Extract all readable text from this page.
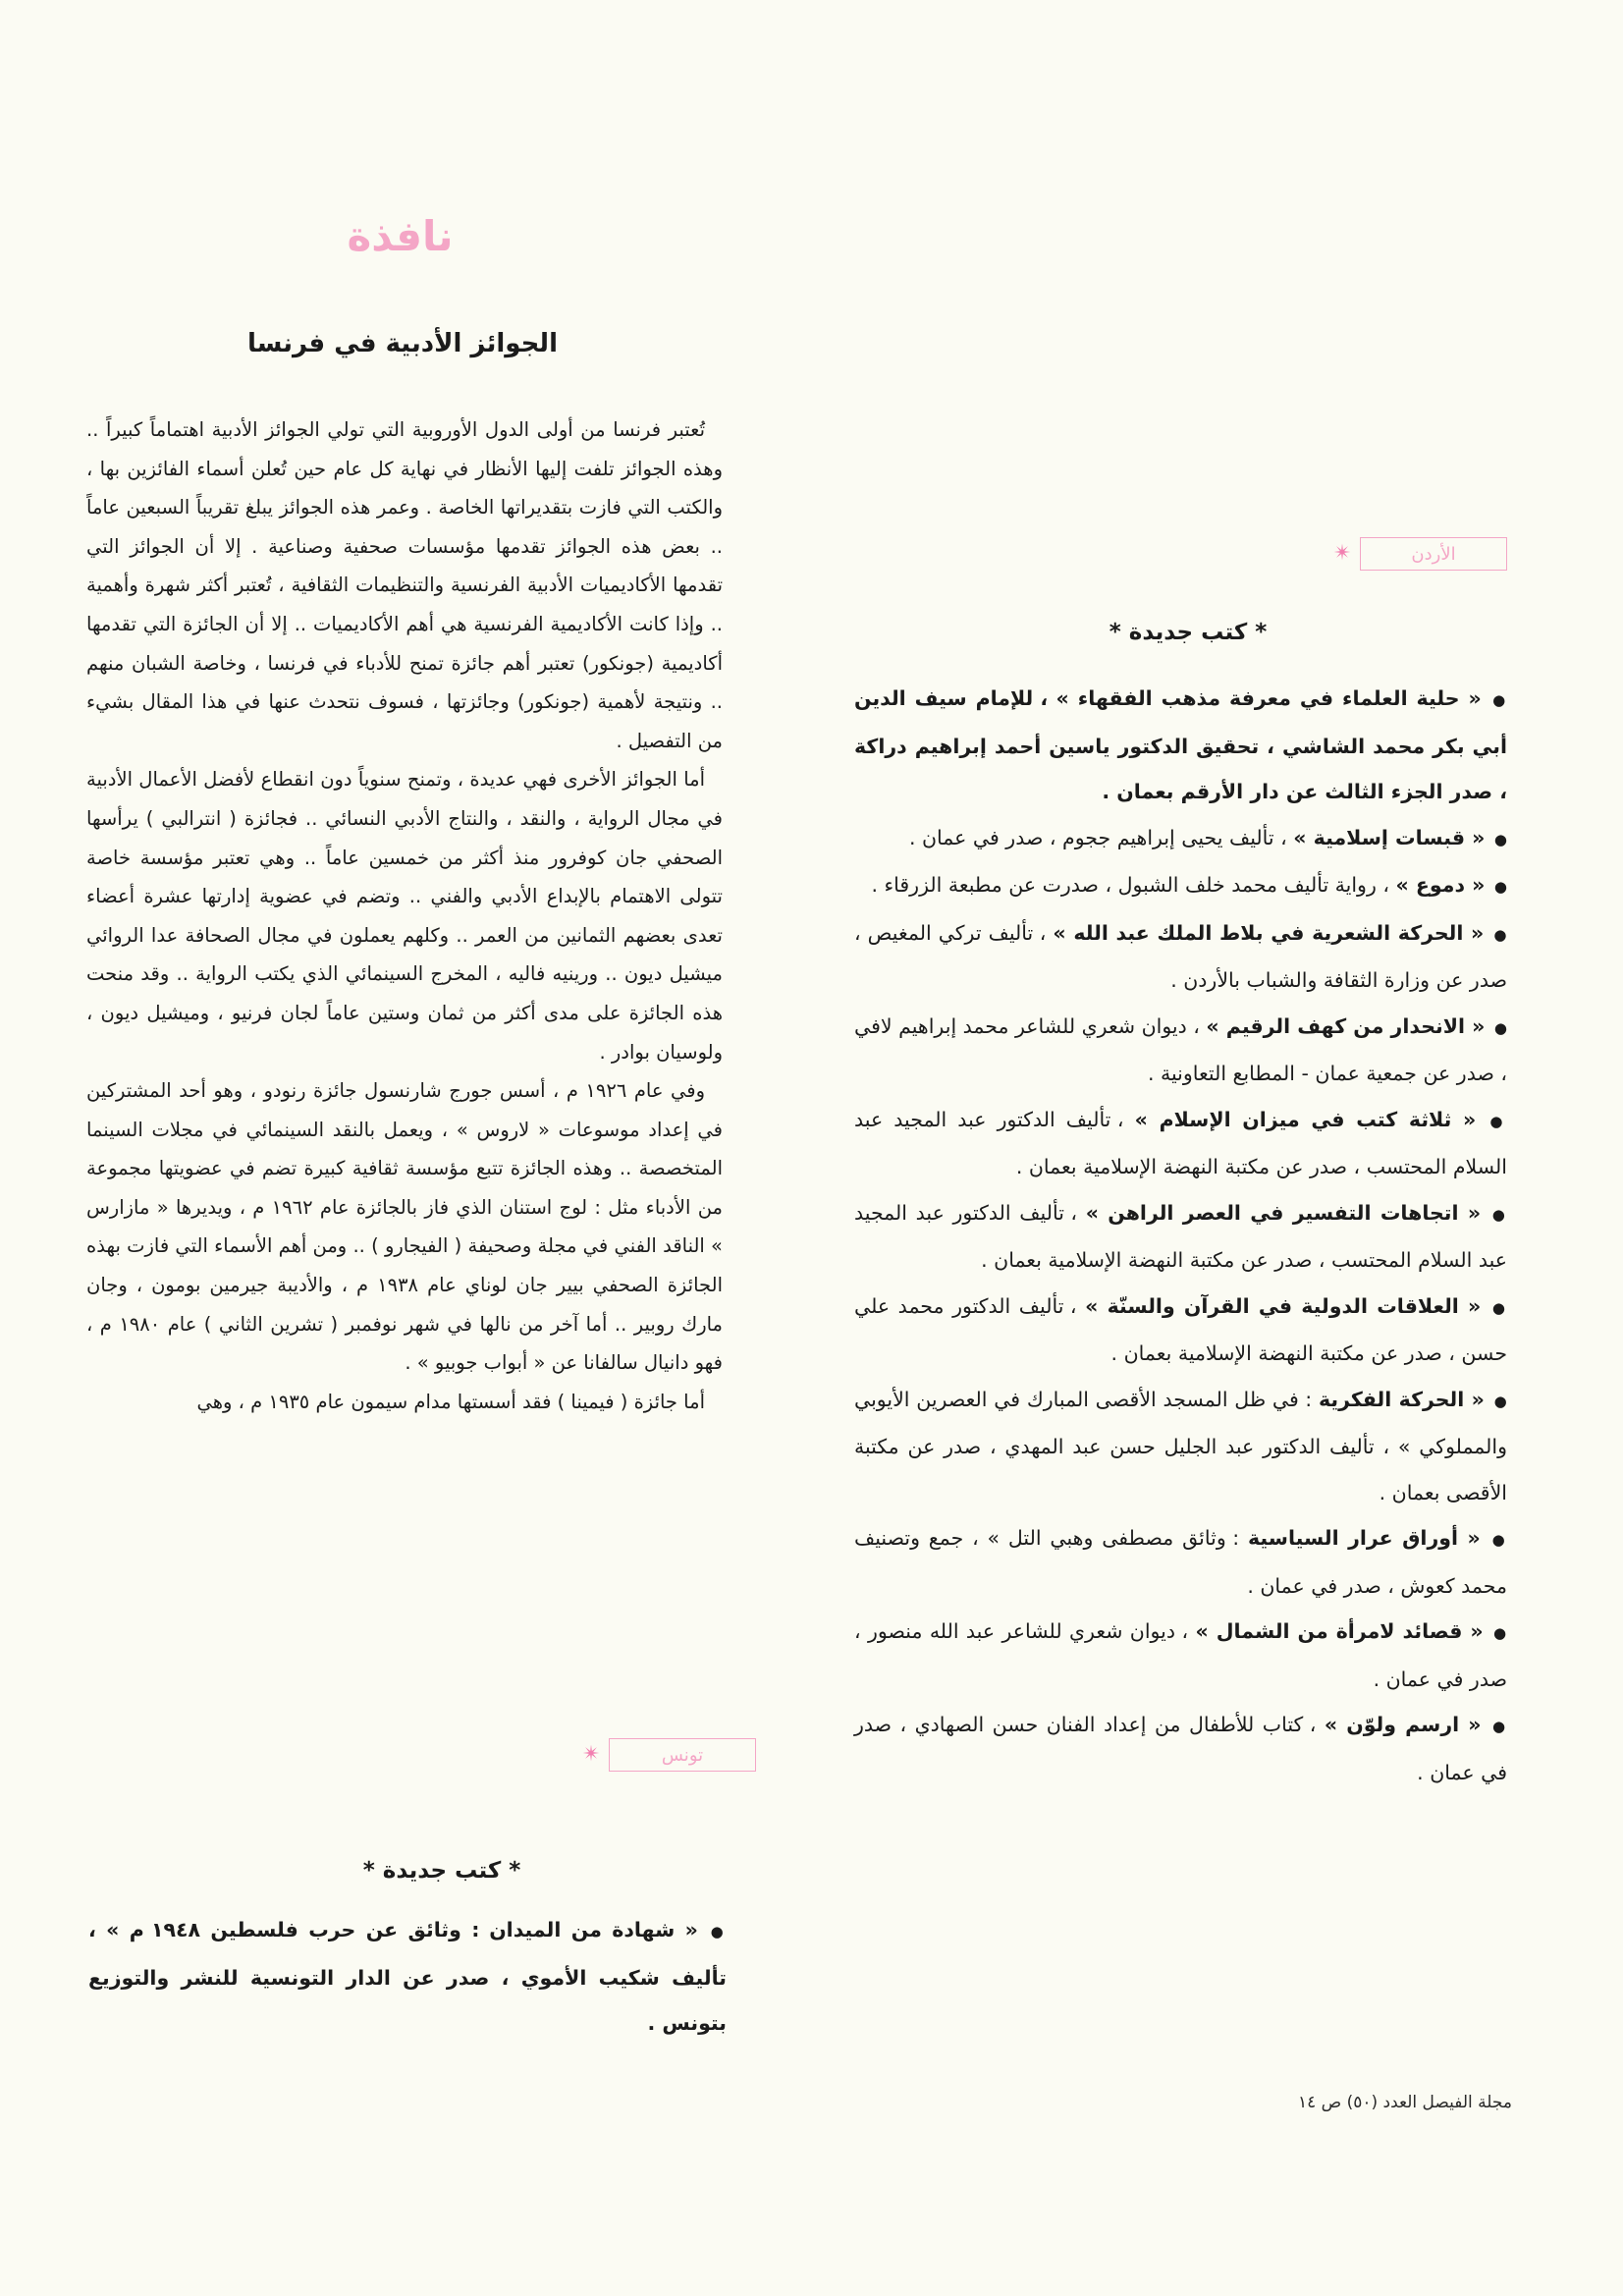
نافذة
الجوائز الأدبية في فرنسا

تُعتبر فرنسا من أولى الدول الأوروبية التي تولي الجوائز الأدبية اهتماماً كبيراً .. وهذه الجوائز تلفت إليها الأنظار في نهاية كل عام حين تُعلن أسماء الفائزين بها ، والكتب التي فازت بتقديراتها الخاصة . وعمر هذه الجوائز يبلغ تقريباً السبعين عاماً .. بعض هذه الجوائز تقدمها مؤسسات صحفية وصناعية . إلا أن الجوائز التي تقدمها الأكاديميات الأدبية الفرنسية والتنظيمات الثقافية ، تُعتبر أكثر شهرة وأهمية .. وإذا كانت الأكاديمية الفرنسية هي أهم الأكاديميات .. إلا أن الجائزة التي تقدمها أكاديمية (جونكور) تعتبر أهم جائزة تمنح للأدباء في فرنسا ، وخاصة الشبان منهم .. ونتيجة لأهمية (جونكور) وجائزتها ، فسوف نتحدث عنها في هذا المقال بشيء من التفصيل .

أما الجوائز الأخرى فهي عديدة ، وتمنح سنوياً دون انقطاع لأفضل الأعمال الأدبية في مجال الرواية ، والنقد ، والنتاج الأدبي النسائي .. فجائزة ( انترالبي ) يرأسها الصحفي جان كوفرور منذ أكثر من خمسين عاماً .. وهي تعتبر مؤسسة خاصة تتولى الاهتمام بالإبداع الأدبي والفني .. وتضم في عضوية إدارتها عشرة أعضاء تعدى بعضهم الثمانين من العمر .. وكلهم يعملون في مجال الصحافة عدا الروائي ميشيل ديون .. ورينيه فاليه ، المخرج السينمائي الذي يكتب الرواية .. وقد منحت هذه الجائزة على مدى أكثر من ثمان وستين عاماً لجان فرنيو ، وميشيل ديون ، ولوسيان بوادر .

وفي عام ١٩٢٦ م ، أسس جورج شارنسول جائزة رنودو ، وهو أحد المشتركين في إعداد موسوعات « لاروس » ، ويعمل بالنقد السينمائي في مجلات السينما المتخصصة .. وهذه الجائزة تتبع مؤسسة ثقافية كبيرة تضم في عضويتها مجموعة من الأدباء مثل : لوج استنان الذي فاز بالجائزة عام ١٩٦٢ م ، ويديرها « مازارس » الناقد الفني في مجلة وصحيفة ( الفيجارو ) .. ومن أهم الأسماء التي فازت بهذه الجائزة الصحفي بيير جان لوناي عام ١٩٣٨ م ، والأديبة جيرمين بومون ، وجان مارك روبير .. أما آخر من نالها في شهر نوفمبر ( تشرين الثاني ) عام ١٩٨٠ م ، فهو دانيال سالفانا عن « أبواب جوبيو » .

أما جائزة ( فيمينا ) فقد أسستها مدام سيمون عام ١٩٣٥ م ، وهي

الأردن
✴
* كتب جديدة *

● « حلية العلماء في معرفة مذهب الفقهاء » ، للإمام سيف الدين أبي بكر محمد الشاشي ، تحقيق الدكتور ياسين أحمد إبراهيم دراكة ، صدر الجزء الثالث عن دار الأرقم بعمان .

● « قبسات إسلامية » ، تأليف يحيى إبراهيم ججوم ، صدر في عمان .

● « دموع » ، رواية تأليف محمد خلف الشبول ، صدرت عن مطبعة الزرقاء .

● « الحركة الشعرية في بلاط الملك عبد الله » ، تأليف تركي المغيص ، صدر عن وزارة الثقافة والشباب بالأردن .

● « الانحدار من كهف الرقيم » ، ديوان شعري للشاعر محمد إبراهيم لافي ، صدر عن جمعية عمان - المطابع التعاونية .

● « ثلاثة كتب في ميزان الإسلام » ، تأليف الدكتور عبد المجيد عبد السلام المحتسب ، صدر عن مكتبة النهضة الإسلامية بعمان .

● « اتجاهات التفسير في العصر الراهن » ، تأليف الدكتور عبد المجيد عبد السلام المحتسب ، صدر عن مكتبة النهضة الإسلامية بعمان .

● « العلاقات الدولية في القرآن والسنّة » ، تأليف الدكتور محمد علي حسن ، صدر عن مكتبة النهضة الإسلامية بعمان .

● « الحركة الفكرية : في ظل المسجد الأقصى المبارك في العصرين الأيوبي والمملوكي » ، تأليف الدكتور عبد الجليل حسن عبد المهدي ، صدر عن مكتبة الأقصى بعمان .

● « أوراق عرار السياسية : وثائق مصطفى وهبي التل » ، جمع وتصنيف محمد كعوش ، صدر في عمان .

● « قصائد لامرأة من الشمال » ، ديوان شعري للشاعر عبد الله منصور ، صدر في عمان .

● « ارسم ولوّن » ، كتاب للأطفال من إعداد الفنان حسن الصهادي ، صدر في عمان .

تونس
✴
* كتب جديدة *

● « شهادة من الميدان : وثائق عن حرب فلسطين ١٩٤٨ م » ، تأليف شكيب الأموي ، صدر عن الدار التونسية للنشر والتوزيع بتونس .

مجلة الفيصل العدد (٥٠) ص ١٤
